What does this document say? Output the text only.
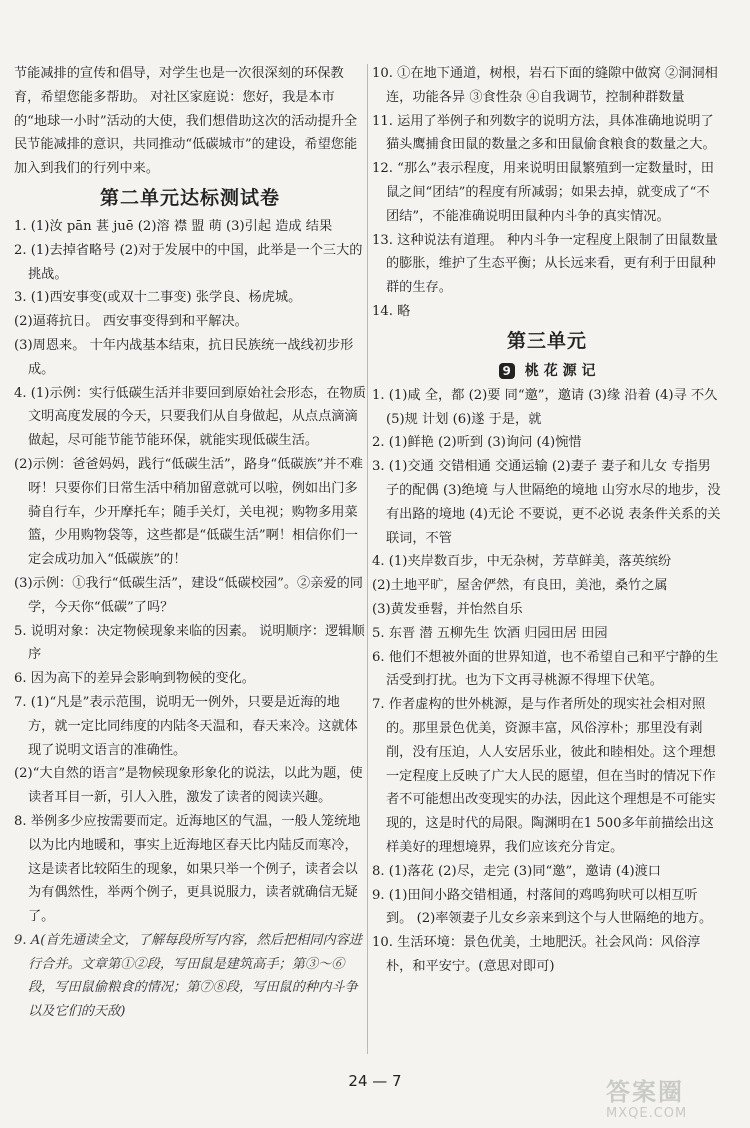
节能减排的宣传和倡导，对学生也是一次很深刻的环保教育，希望您能多帮助。 对社区家庭说：您好，我是本市的“地球一小时”活动的大使，我们想借助这次的活动提升全民节能减排的意识，共同推动“低碳城市”的建设，希望您能加入到我们的行列中来。

第二单元达标测试卷

1. (1)汝 pān 葚 juē (2)溶 襟 盟 萌 (3)引起 造成 结果

2. (1)去掉省略号 (2)对于发展中的中国，此举是一个三大的挑战。

3. (1)西安事变(或双十二事变) 张学良、杨虎城。

(2)逼蒋抗日。 西安事变得到和平解决。

(3)周恩来。 十年内战基本结束，抗日民族统一战线初步形成。

4. (1)示例：实行低碳生活并非要回到原始社会形态，在物质文明高度发展的今天，只要我们从自身做起，从点点滴滴做起，尽可能节能节能环保，就能实现低碳生活。

(2)示例：爸爸妈妈，践行“低碳生活”，路身“低碳族”并不难呀！只要你们日常生活中稍加留意就可以啦，例如出门多骑自行车，少开摩托车；随手关灯，关电视；购物多用菜篮，少用购物袋等，这些都是“低碳生活”啊！相信你们一定会成功加入“低碳族”的！

(3)示例：①我行“低碳生活”，建设“低碳校园”。②亲爱的同学，今天你“低碳”了吗？

5. 说明对象：决定物候现象来临的因素。 说明顺序：逻辑顺序

6. 因为高下的差异会影响到物候的变化。

7. (1)“凡是”表示范围，说明无一例外，只要是近海的地方，就一定比同纬度的内陆冬天温和，春天来冷。这就体现了说明文语言的准确性。

(2)“大自然的语言”是物候现象形象化的说法，以此为题，使读者耳目一新，引人入胜，激发了读者的阅读兴趣。

8. 举例多少应按需要而定。近海地区的气温，一般人笼统地以为比内地暖和，事实上近海地区春天比内陆反而寒冷，这是读者比较陌生的现象，如果只举一个例子，读者会以为有偶然性，举两个例子，更具说服力，读者就确信无疑了。

9. A(首先通读全文，了解每段所写内容，然后把相同内容进行合并。文章第①②段，写田鼠是建筑高手；第③～⑥段，写田鼠偷粮食的情况；第⑦⑧段，写田鼠的种内斗争以及它们的天敌)

10. ①在地下通道，树根，岩石下面的缝隙中做窝 ②洞洞相连，功能各异 ③食性杂 ④自我调节，控制种群数量

11. 运用了举例子和列数字的说明方法，具体准确地说明了猫头鹰捕食田鼠的数量之多和田鼠偷食粮食的数量之大。

12. “那么”表示程度，用来说明田鼠繁殖到一定数量时，田鼠之间“团结”的程度有所减弱；如果去掉，就变成了“不团结”，不能准确说明田鼠种内斗争的真实情况。

13. 这种说法有道理。 种内斗争一定程度上限制了田鼠数量的膨胀，维护了生态平衡；从长远来看，更有利于田鼠种群的生存。

14. 略

第三单元
9 桃 花 源 记

1. (1)咸 全，都 (2)要 同“邀”，邀请 (3)缘 沿着 (4)寻 不久 (5)规 计划 (6)遂 于是，就

2. (1)鲜艳 (2)听到 (3)询问 (4)惋惜

3. (1)交通 交错相通 交通运输 (2)妻子 妻子和儿女 专指男子的配偶 (3)绝境 与人世隔绝的境地 山穷水尽的地步，没有出路的境地 (4)无论 不要说，更不必说 表条件关系的关联词，不管

4. (1)夹岸数百步，中无杂树，芳草鲜美，落英缤纷

(2)土地平旷，屋舍俨然，有良田，美池，桑竹之属

(3)黄发垂髫，并怡然自乐

5. 东晋 潜 五柳先生 饮酒 归园田居 田园

6. 他们不想被外面的世界知道，也不希望自己和平宁静的生活受到打扰。也为下文再寻桃源不得埋下伏笔。

7. 作者虚构的世外桃源，是与作者所处的现实社会相对照的。那里景色优美，资源丰富，风俗淳朴；那里没有剥削，没有压迫，人人安居乐业，彼此和睦相处。这个理想一定程度上反映了广大人民的愿望，但在当时的情况下作者不可能想出改变现实的办法，因此这个理想是不可能实现的，这是时代的局限。陶渊明在1 500多年前描绘出这样美好的理想境界，我们应该充分肯定。

8. (1)落花 (2)尽，走完 (3)同“邀”，邀请 (4)渡口

9. (1)田间小路交错相通，村落间的鸡鸣狗吠可以相互听到。 (2)率领妻子儿女乡亲来到这个与人世隔绝的地方。

10. 生活环境：景色优美，土地肥沃。社会风尚：风俗淳朴，和平安宁。(意思对即可)

24 — 7	答案圈
MXQE.COM
